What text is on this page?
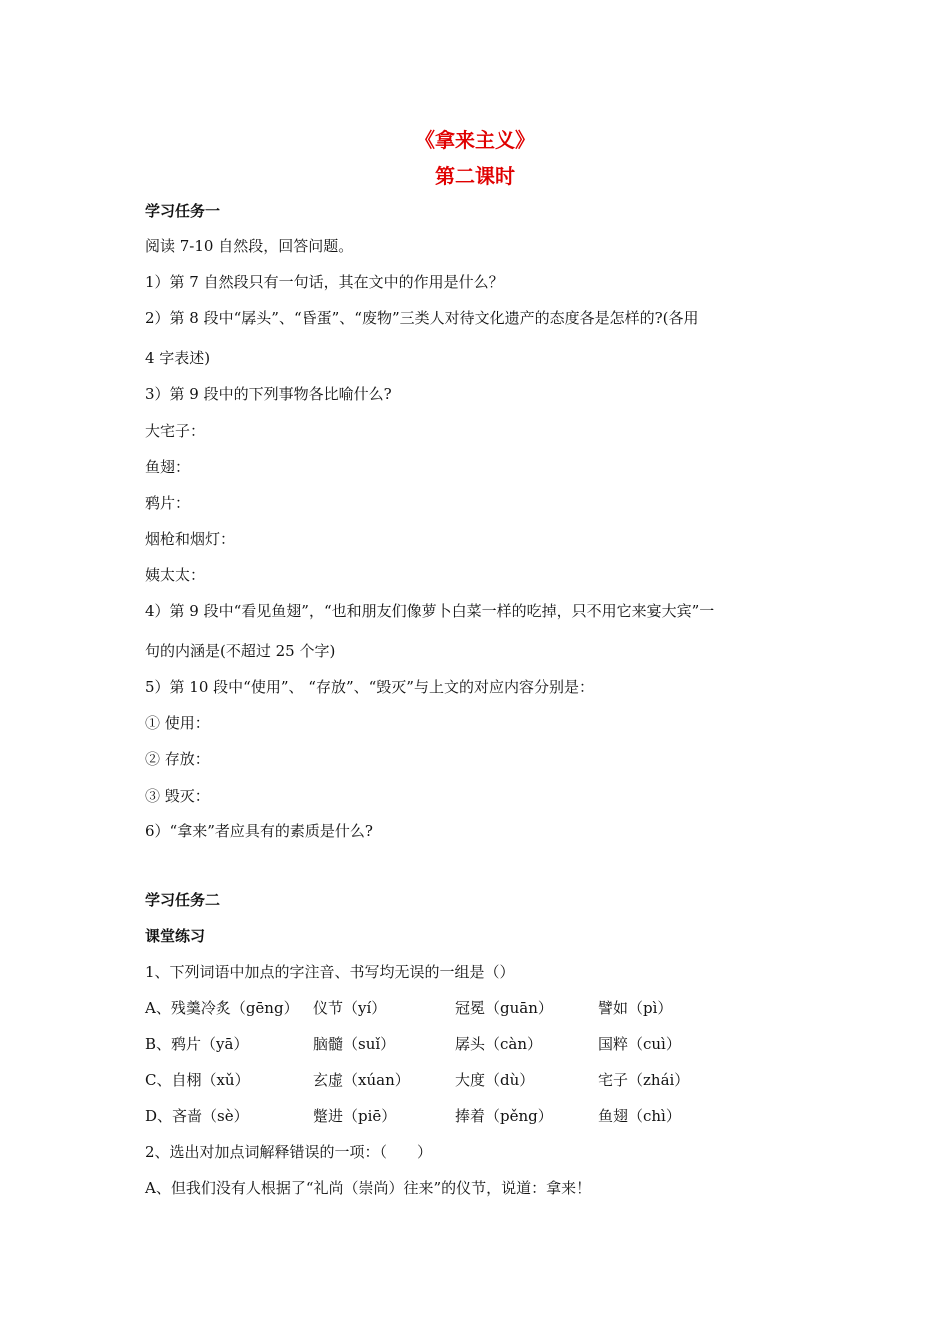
《拿来主义》
第二课时
学习任务一
阅读 7-10 自然段，回答问题。
1）第 7 自然段只有一句话，其在文中的作用是什么？
2）第 8 段中“孱头”、“昏蛋”、“废物”三类人对待文化遗产的态度各是怎样的?(各用
4 字表述)
3）第 9 段中的下列事物各比喻什么?
大宅子：
鱼翅：
鸦片：
烟枪和烟灯：
姨太太：
4）第 9 段中“看见鱼翅”，“也和朋友们像萝卜白菜一样的吃掉，只不用它来宴大宾”一
句的内涵是(不超过 25 个字)
5）第 10 段中“使用”、 “存放”、“毁灭”与上文的对应内容分别是：
① 使用：
② 存放：
③ 毁灭：
6）“拿来”者应具有的素质是什么?
学习任务二
课堂练习
1、下列词语中加点的字注音、书写均无误的一组是（）
A、残羹冷炙（gēng） 仪节（yí）	冠冕（guān）	譬如（pì）
B、鸦片（yā）	脑髓（suǐ）	孱头（càn）	国粹（cuì）
C、自栩（xǔ）	玄虚（xúan）	大度（dù）	宅子（zhái）
D、吝啬（sè）	蹩进（piē）	捧着（pěng）	鱼翅（chì）
2、选出对加点词解释错误的一项：（　　）
A、但我们没有人根据了“礼尚（崇尚）往来”的仪节，说道：拿来！
